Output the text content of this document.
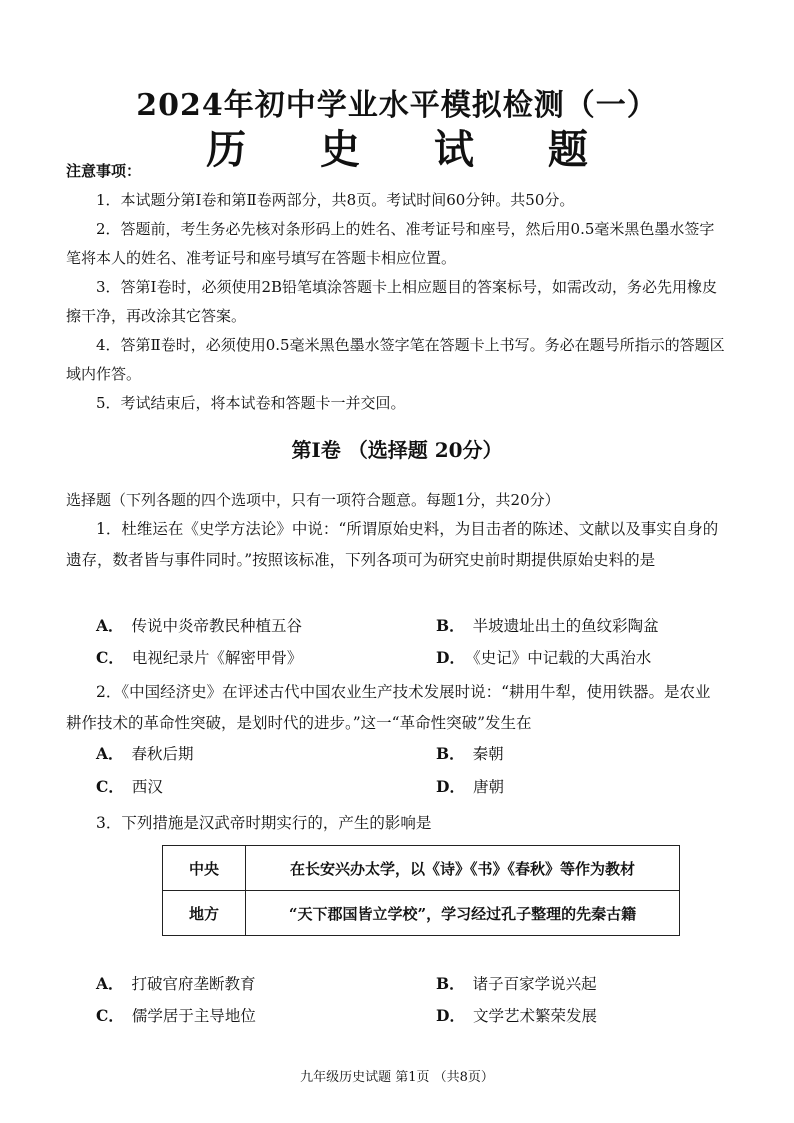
2024年初中学业水平模拟检测（一）
历 史 试 题
注意事项：
1．本试题分第Ⅰ卷和第Ⅱ卷两部分，共8页。考试时间60分钟。共50分。
2．答题前，考生务必先核对条形码上的姓名、准考证号和座号，然后用0.5毫米黑色墨水签字笔将本人的姓名、准考证号和座号填写在答题卡相应位置。
3．答第Ⅰ卷时，必须使用2B铅笔填涂答题卡上相应题目的答案标号，如需改动，务必先用橡皮擦干净，再改涂其它答案。
4．答第Ⅱ卷时，必须使用0.5毫米黑色墨水签字笔在答题卡上书写。务必在题号所指示的答题区域内作答。
5．考试结束后，将本试卷和答题卡一并交回。
第Ⅰ卷 （选择题 20分）
选择题（下列各题的四个选项中，只有一项符合题意。每题1分，共20分）
1．杜维运在《史学方法论》中说：“所谓原始史料，为目击者的陈述、文献以及事实自身的遗存，数者皆与事件同时。”按照该标准，下列各项可为研究史前时期提供原始史料的是
A． 传说中炎帝教民种植五谷	B． 半坡遗址出土的鱼纹彩陶盆
C． 电视纪录片《解密甲骨》	D． 《史记》中记载的大禹治水
2．《中国经济史》在评述古代中国农业生产技术发展时说：“耕用牛犁，使用铁器。是农业耕作技术的革命性突破，是划时代的进步。”这一“革命性突破”发生在
A． 春秋后期	B． 秦朝
C． 西汉	D． 唐朝
3．下列措施是汉武帝时期实行的，产生的影响是
中央	在长安兴办太学，以《诗》《书》《春秋》等作为教材
地方	“天下郡国皆立学校”，学习经过孔子整理的先秦古籍
A． 打破官府垄断教育	B． 诸子百家学说兴起
C． 儒学居于主导地位	D． 文学艺术繁荣发展
九年级历史试题 第1页 （共8页）
